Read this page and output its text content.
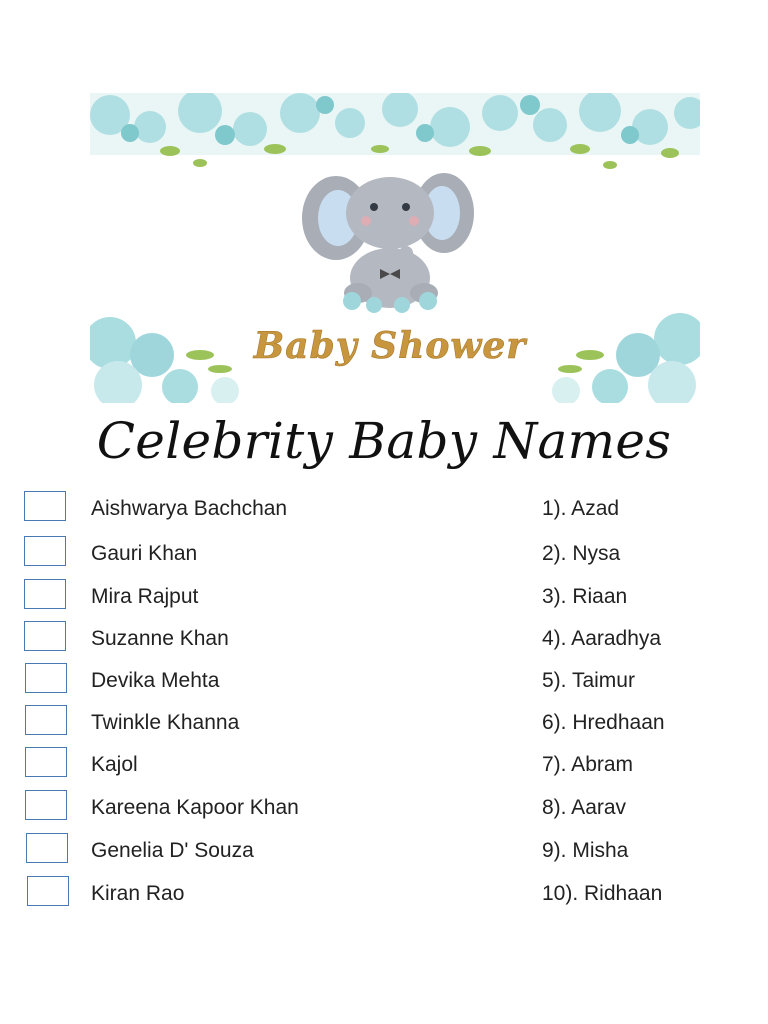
Baby Shower
Celebrity Baby Names
Aishwarya Bachchan	1). Azad
Gauri Khan	2). Nysa
Mira Rajput	3). Riaan
Suzanne Khan	4). Aaradhya
Devika Mehta	5). Taimur
Twinkle Khanna	6). Hredhaan
Kajol	7). Abram
Kareena Kapoor Khan	8). Aarav
Genelia D' Souza	9). Misha
Kiran Rao	10). Ridhaan
